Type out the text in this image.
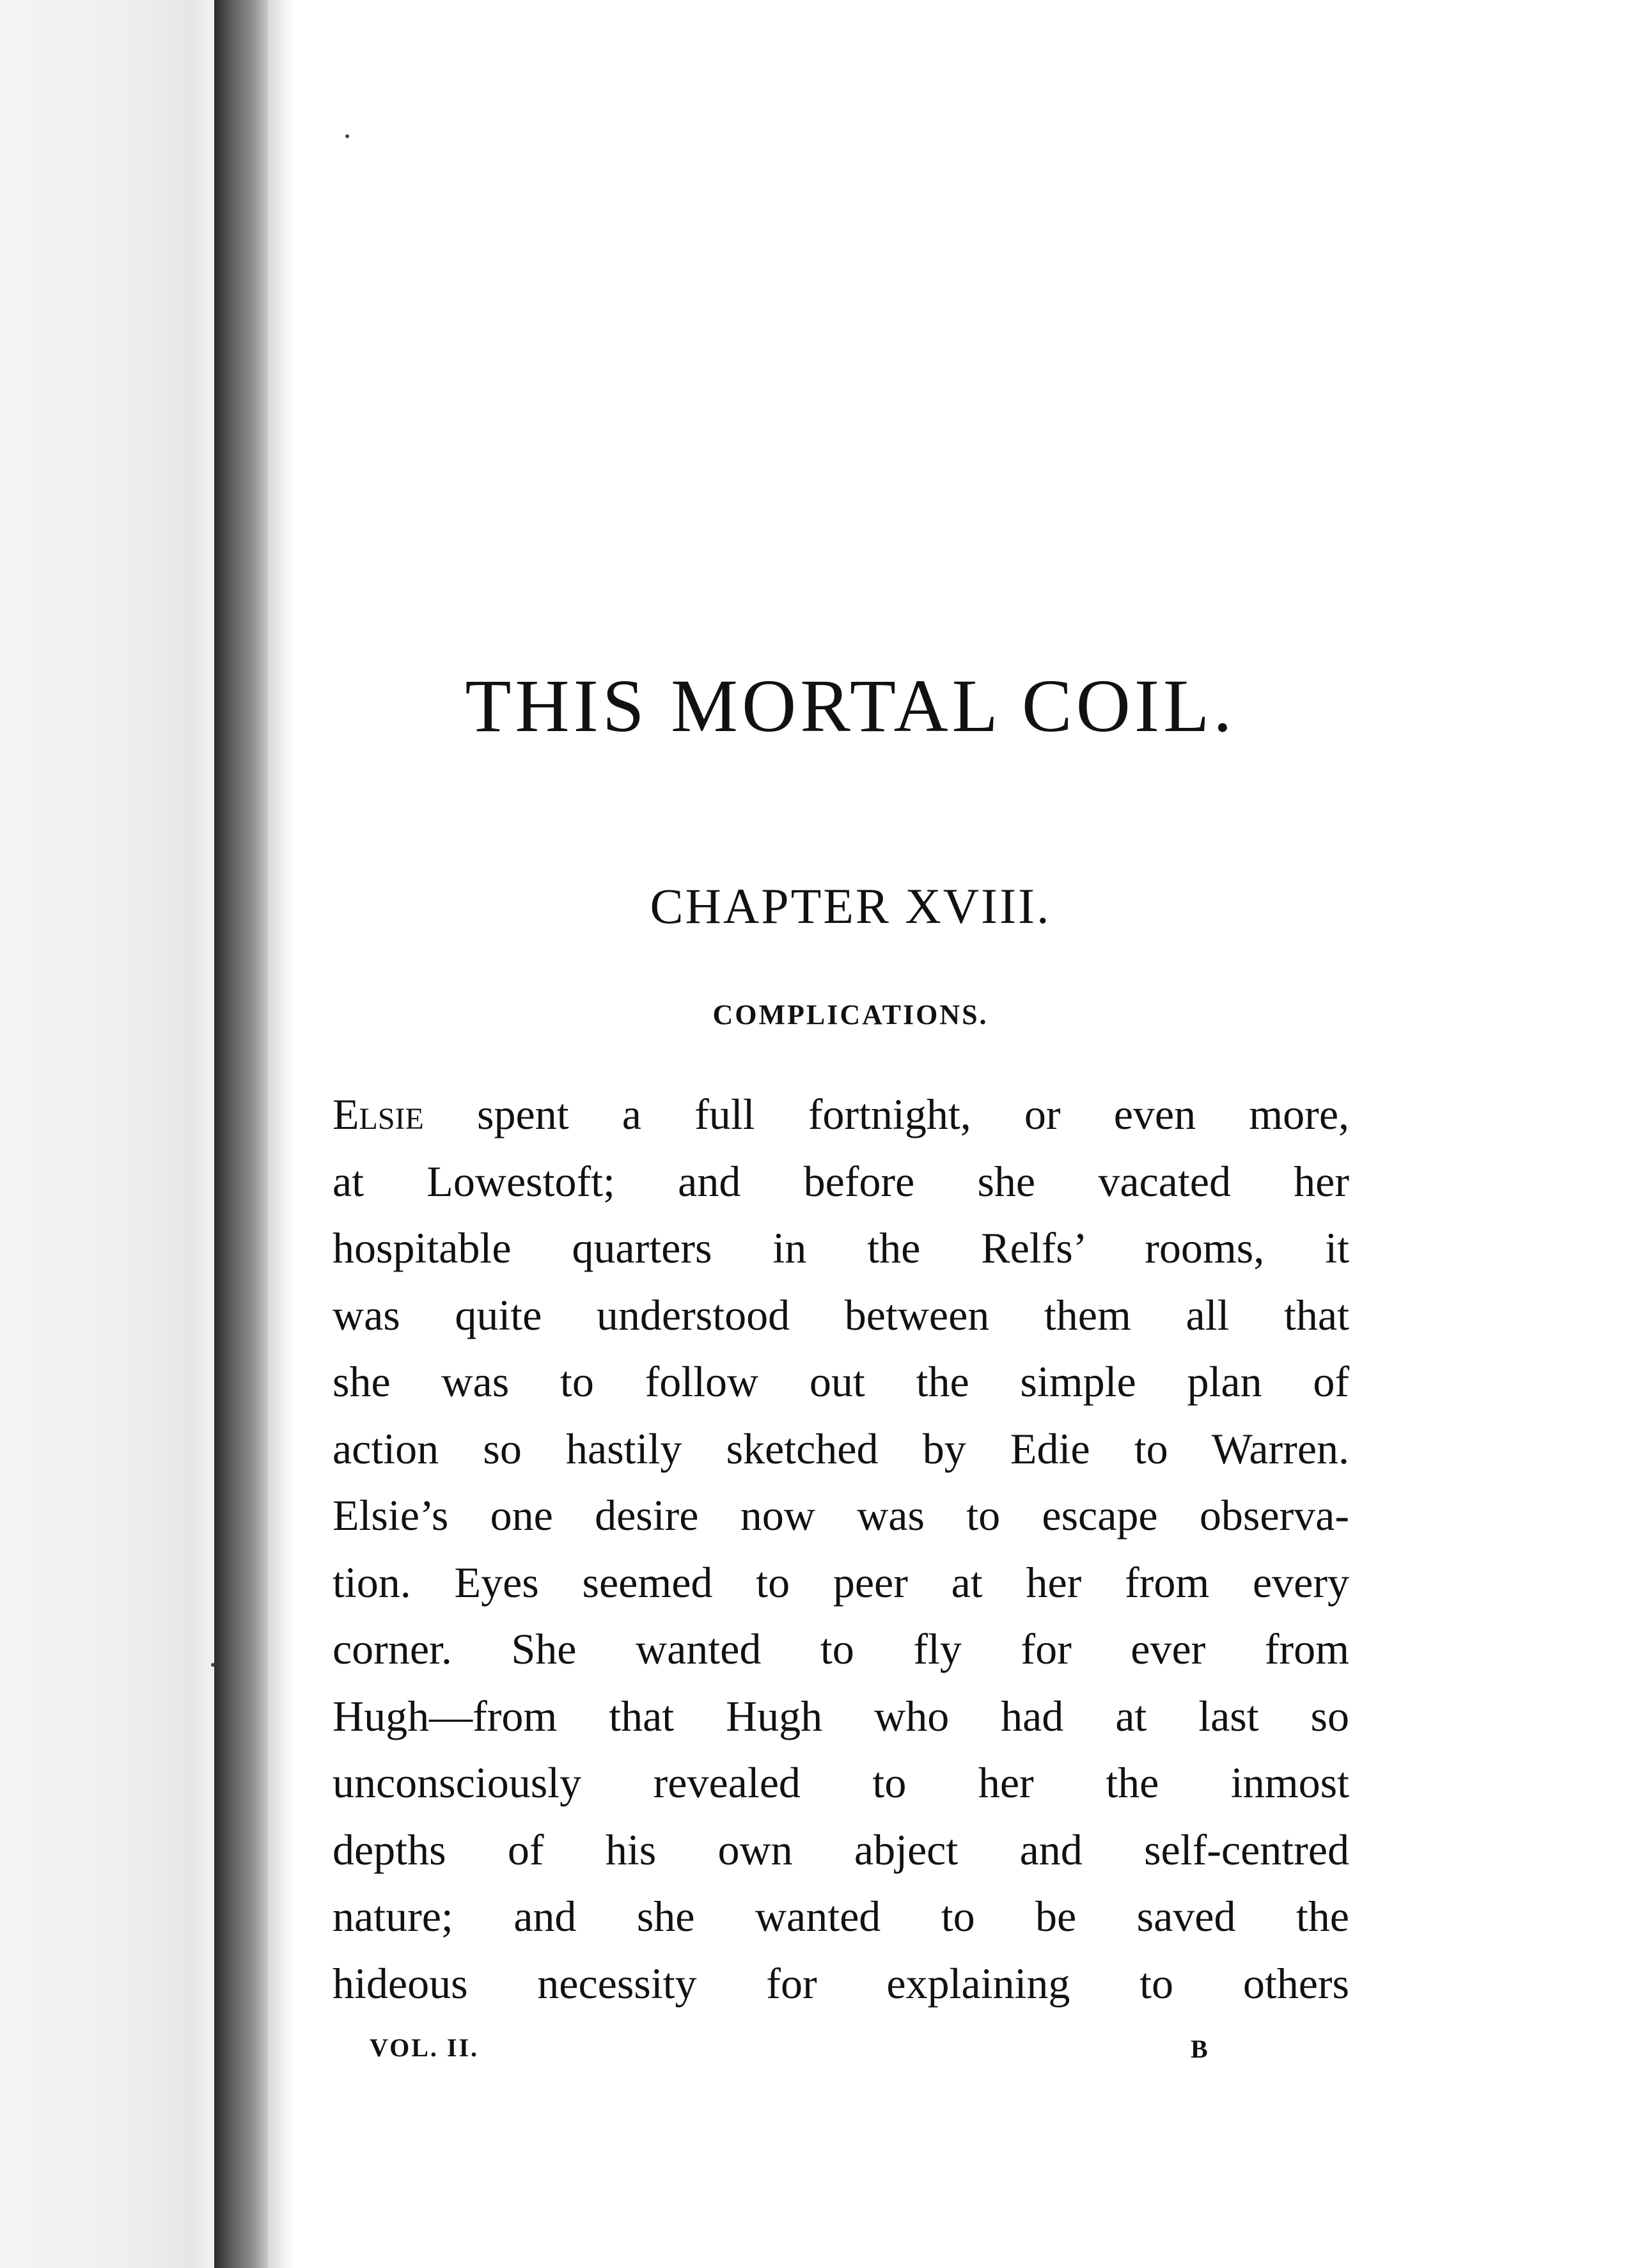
THIS MORTAL COIL.
CHAPTER XVIII.
COMPLICATIONS.
Elsie spent a full fortnight, or even more,
at Lowestoft; and before she vacated her
hospitable quarters in the Relfs’ rooms, it
was quite understood between them all that
she was to follow out the simple plan of
action so hastily sketched by Edie to Warren.
Elsie’s one desire now was to escape observa-
tion. Eyes seemed to peer at her from every
corner. She wanted to fly for ever from
Hugh—from that Hugh who had at last so
unconsciously revealed to her the inmost
depths of his own abject and self-centred
nature; and she wanted to be saved the
hideous necessity for explaining to others
VOL. II.	B
